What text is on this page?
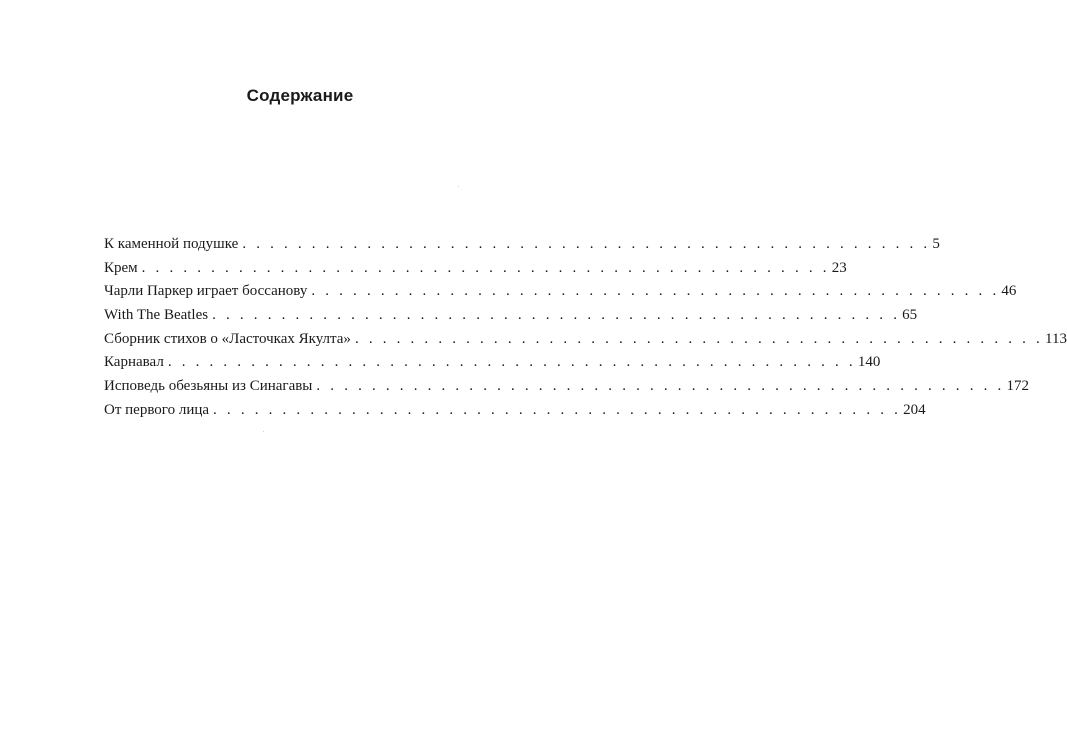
Содержание
К каменной подушке . . . . . . . . . . . . . . . . . . . . . . . . . . . . . . . . . . . . . . . . . . . . . . . . . . 5
Крем . . . . . . . . . . . . . . . . . . . . . . . . . . . . . . . . . . . . . . . . . . . . . . . . . . 23
Чарли Паркер играет боссанову . . . . . . . . . . . . . . . . . . . . . . . . . . . . . . . . . . . . . . . . . . . . . . . . . . 46
With The Beatles . . . . . . . . . . . . . . . . . . . . . . . . . . . . . . . . . . . . . . . . . . . . . . . . . . 65
Сборник стихов о «Ласточках Якулта» . . . . . . . . . . . . . . . . . . . . . . . . . . . . . . . . . . . . . . . . . . . . . . . . . . 113
Карнавал . . . . . . . . . . . . . . . . . . . . . . . . . . . . . . . . . . . . . . . . . . . . . . . . . . 140
Исповедь обезьяны из Синагавы . . . . . . . . . . . . . . . . . . . . . . . . . . . . . . . . . . . . . . . . . . . . . . . . . . 172
От первого лица . . . . . . . . . . . . . . . . . . . . . . . . . . . . . . . . . . . . . . . . . . . . . . . . . . 204
